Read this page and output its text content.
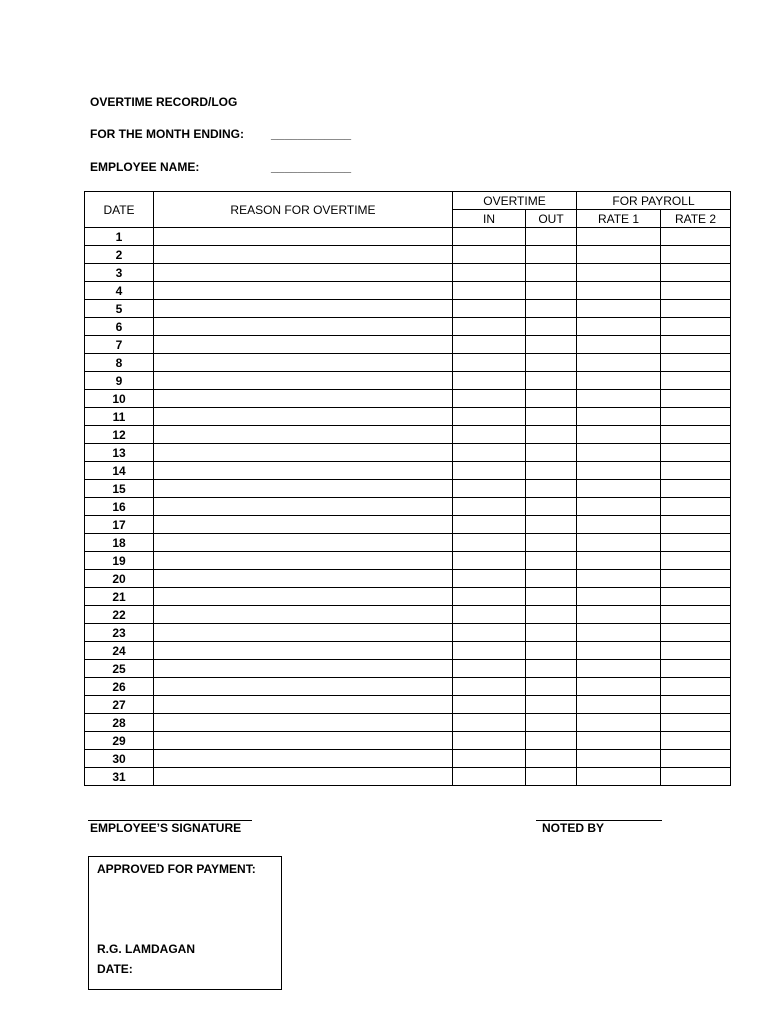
OVERTIME RECORD/LOG
FOR THE MONTH ENDING: ____________
EMPLOYEE NAME:	____________
DATE	REASON FOR OVERTIME	OVERTIME		FOR PAYROLL	
		IN	OUT	RATE 1	RATE 2
1					
2					
3					
4					
5					
6					
7					
8					
9					
10					
11					
12					
13					
14					
15					
16					
17					
18					
19					
20					
21					
22					
23					
24					
25					
26					
27					
28					
29					
30					
31					
EMPLOYEE’S SIGNATURE	NOTED BY
APPROVED FOR PAYMENT:
R.G. LAMDAGAN
DATE:
